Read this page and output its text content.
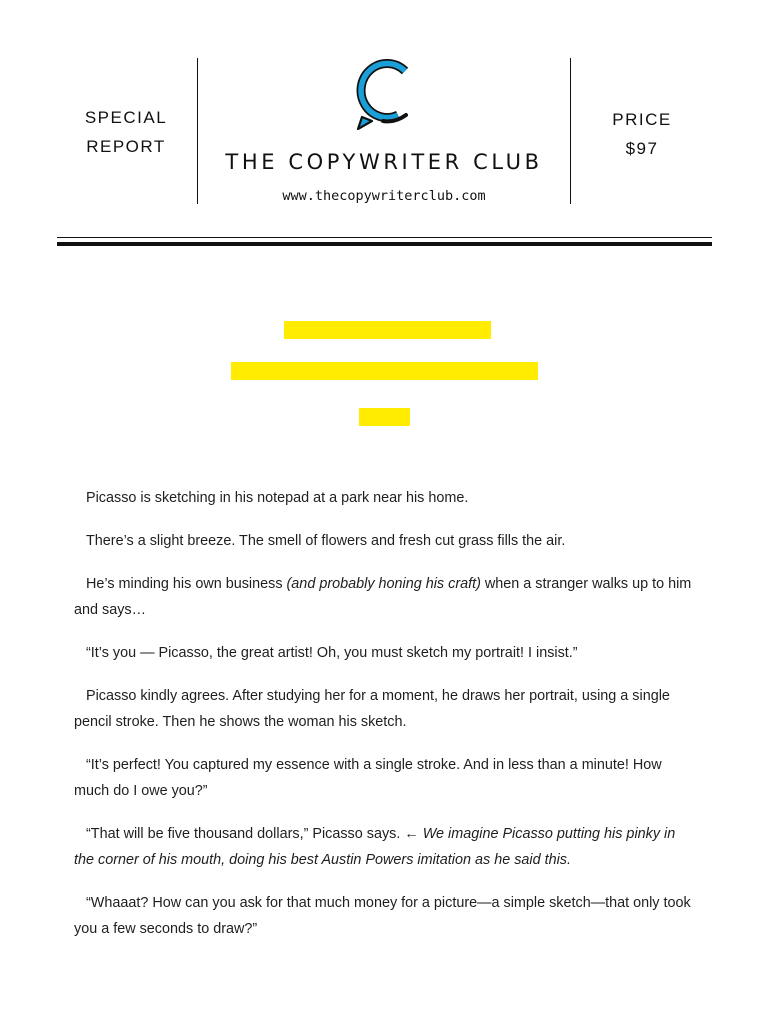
SPECIAL
REPORT
THE COPYWRITER CLUB
www.thecopywriterclub.com
PRICE
$97

Picasso is sketching in his notepad at a park near his home.

There’s a slight breeze. The smell of flowers and fresh cut grass fills the air.

He’s minding his own business (and probably honing his craft) when a stranger walks up to him and says…

“It’s you — Picasso, the great artist! Oh, you must sketch my portrait! I insist.”

Picasso kindly agrees. After studying her for a moment, he draws her portrait, using a single pencil stroke. Then he shows the woman his sketch.

“It’s perfect! You captured my essence with a single stroke. And in less than a minute! How much do I owe you?”

“That will be five thousand dollars,” Picasso says. ← We imagine Picasso putting his pinky in the corner of his mouth, doing his best Austin Powers imitation as he said this.

“Whaaat? How can you ask for that much money for a picture—a simple sketch—that only took you a few seconds to draw?”
